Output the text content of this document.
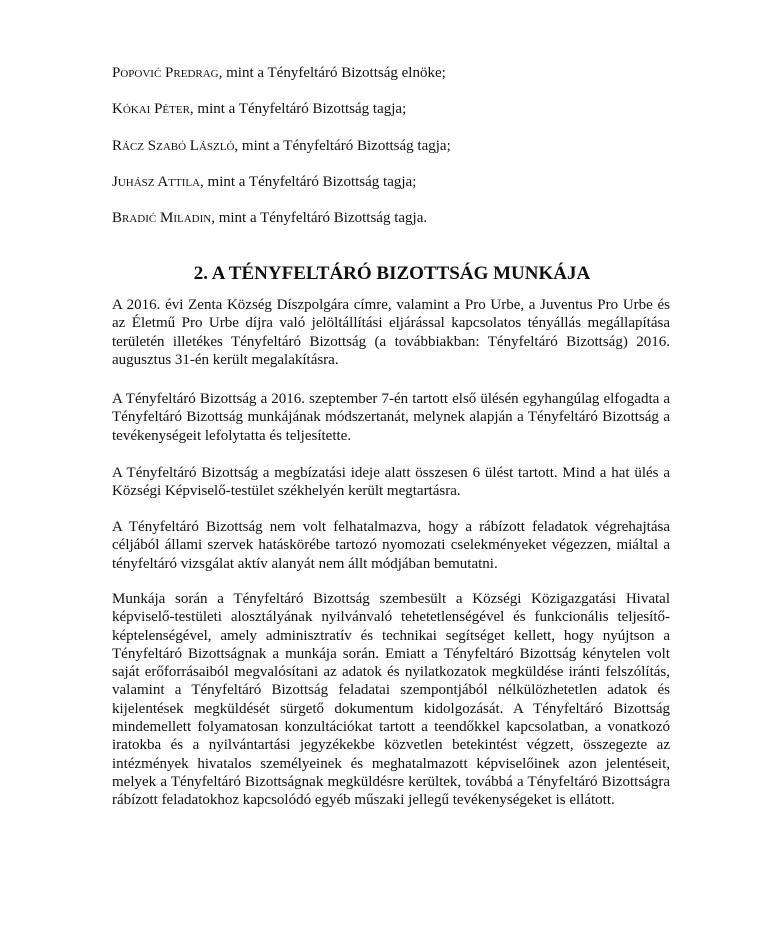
Popović Predrag, mint a Tényfeltáró Bizottság elnöke;

Kókai Péter, mint a Tényfeltáró Bizottság tagja;

Rácz Szabó László, mint a Tényfeltáró Bizottság tagja;

Juhász Attila, mint a Tényfeltáró Bizottság tagja;

Bradić Miladin, mint a Tényfeltáró Bizottság tagja.

2. A TÉNYFELTÁRÓ BIZOTTSÁG MUNKÁJA

A 2016. évi Zenta Község Díszpolgára címre, valamint a Pro Urbe, a Juventus Pro Urbe és az Életmű Pro Urbe díjra való jelöltállítási eljárással kapcsolatos tényállás megállapítása területén illetékes Tényfeltáró Bizottság (a továbbiakban: Tényfeltáró Bizottság) 2016. augusztus 31-én került megalakításra.

A Tényfeltáró Bizottság a 2016. szeptember 7-én tartott első ülésén egyhangúlag elfogadta a Tényfeltáró Bizottság munkájának módszertanát, melynek alapján a Tényfeltáró Bizottság a tevékenységeit lefolytatta és teljesítette.

A Tényfeltáró Bizottság a megbízatási ideje alatt összesen 6 ülést tartott. Mind a hat ülés a Községi Képviselő-testület székhelyén került megtartásra.

A Tényfeltáró Bizottság nem volt felhatalmazva, hogy a rábízott feladatok végrehajtása céljából állami szervek hatáskörébe tartozó nyomozati cselekményeket végezzen, miáltal a tényfeltáró vizsgálat aktív alanyát nem állt módjában bemutatni.

Munkája során a Tényfeltáró Bizottság szembesült a Községi Közigazgatási Hivatal képviselő-testületi alosztályának nyilvánvaló tehetetlenségével és funkcionális teljesítő-képtelenségével, amely adminisztratív és technikai segítséget kellett, hogy nyújtson a Tényfeltáró Bizottságnak a munkája során. Emiatt a Tényfeltáró Bizottság kénytelen volt saját erőforrásaiból megvalósítani az adatok és nyilatkozatok megküldése iránti felszólítás, valamint a Tényfeltáró Bizottság feladatai szempontjából nélkülözhetetlen adatok és kijelentések megküldését sürgető dokumentum kidolgozását. A Tényfeltáró Bizottság mindemellett folyamatosan konzultációkat tartott a teendőkkel kapcsolatban, a vonatkozó iratokba és a nyilvántartási jegyzékekbe közvetlen betekintést végzett, összegezte az intézmények hivatalos személyeinek és meghatalmazott képviselőinek azon jelentéseit, melyek a Tényfeltáró Bizottságnak megküldésre kerültek, továbbá a Tényfeltáró Bizottságra rábízott feladatokhoz kapcsolódó egyéb műszaki jellegű tevékenységeket is ellátott.
